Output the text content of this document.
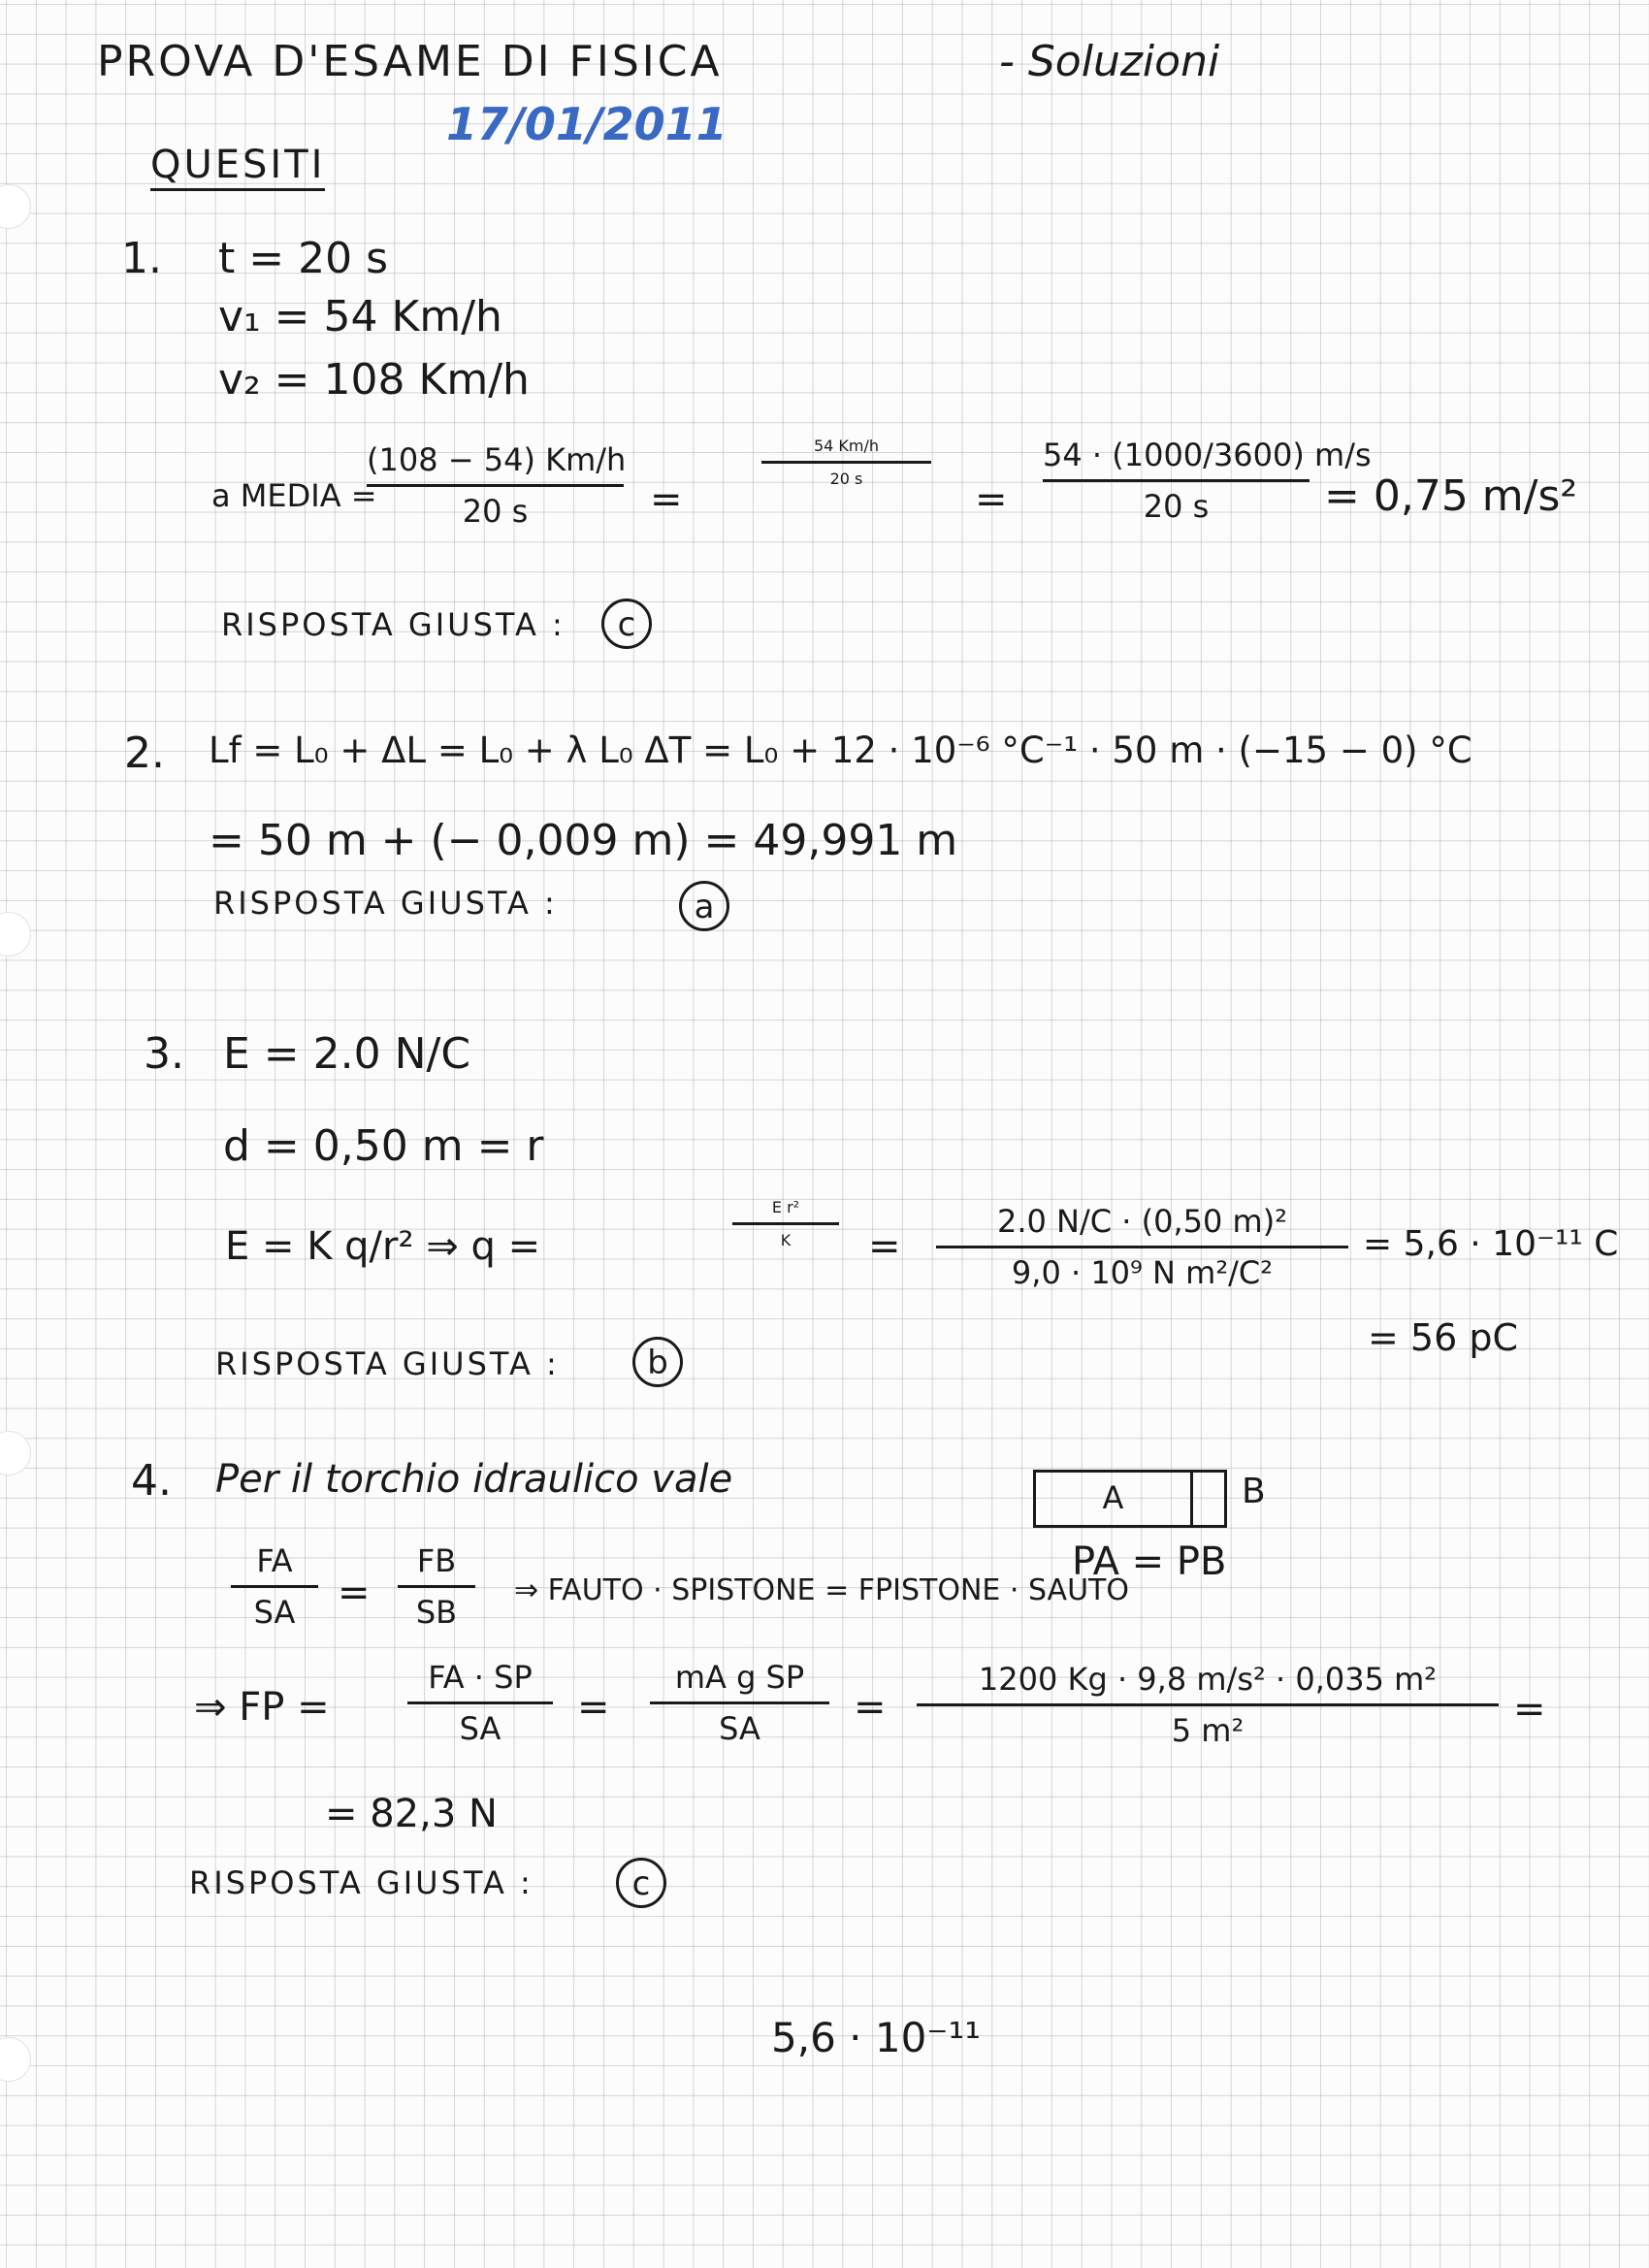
PROVA D'ESAME DI FISICA	- Soluzioni
17/01/2011
QUESITI
1. t = 20 s
v₁ = 54 Km/h
v₂ = 108 Km/h
a MEDIA =
(108 − 54) Km/h
20 s	=
54 Km/h
20 s	=
54 · (1000/3600) m/s
20 s	= 0,75 m/s²
RISPOSTA GIUSTA :	c
2. Lf = L₀ + ΔL = L₀ + λ L₀ ΔT = L₀ + 12 · 10⁻⁶ °C⁻¹ · 50 m · (−15 − 0) °C
= 50 m + (− 0,009 m) = 49,991 m
RISPOSTA GIUSTA :	a
3. E = 2.0 N/C
d = 0,50 m = r
E = K q/r² ⇒ q =
E r²
K	=
2.0 N/C · (0,50 m)²
9,0 · 10⁹ N m²/C²
= 5,6 · 10⁻¹¹ C
= 56 pC
RISPOSTA GIUSTA :	b
4. Per il torchio idraulico vale	A	B
PA = PB
FA
SA	=
FB
SB
⇒ FAUTO · SPISTONE = FPISTONE · SAUTO
⇒ FP =
FA · SP
SA	=
mA g SP
SA	=
1200 Kg · 9,8 m/s² · 0,035 m²
5 m²	=
= 82,3 N
RISPOSTA GIUSTA :	c
5,6 · 10⁻¹¹
